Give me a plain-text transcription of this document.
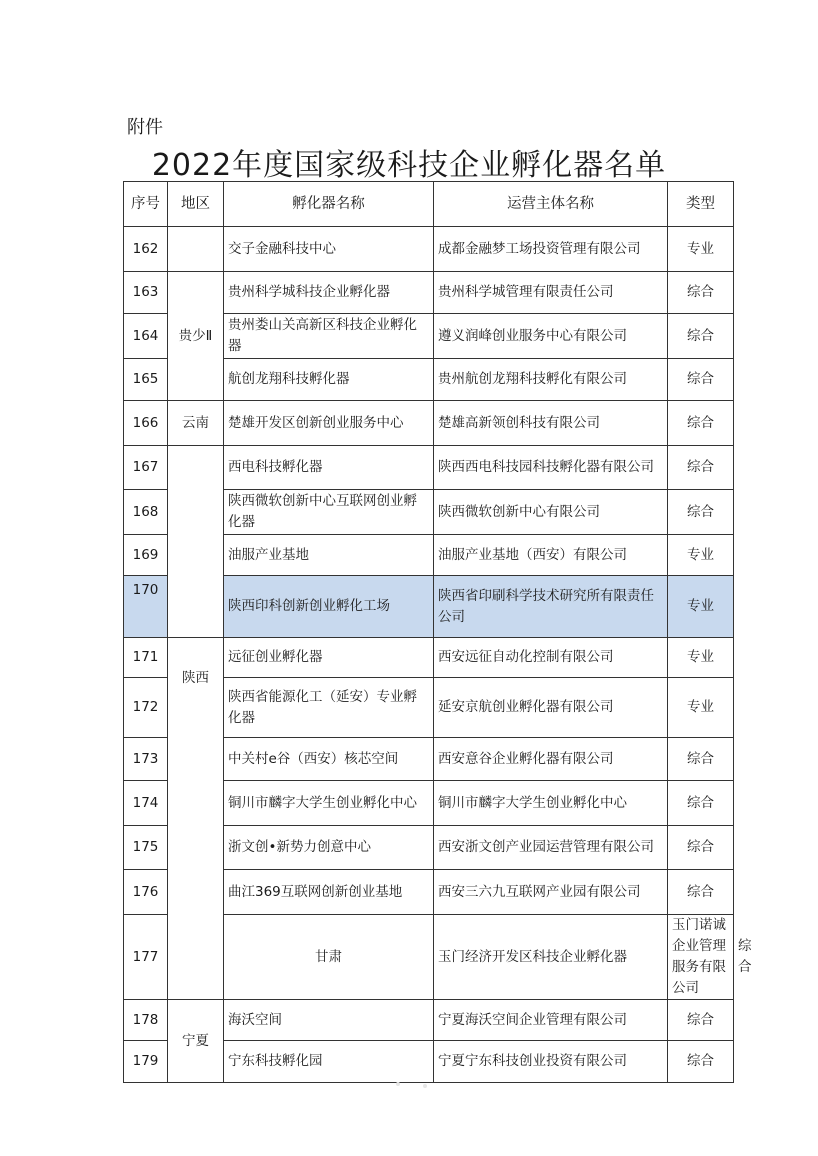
附件
2022年度国家级科技企业孵化器名单
序号	地区	孵化器名称	运营主体名称	类型	
162		交子金融科技中心	成都金融梦工场投资管理有限公司	专业	
163	贵少Ⅱ	贵州科学城科技企业孵化器	贵州科学城管理有限责任公司	综合	
164		贵州娄山关高新区科技企业孵化器	遵义润峰创业服务中心有限公司	综合	
165		航创龙翔科技孵化器	贵州航创龙翔科技孵化有限公司	综合	
166	云南	楚雄开发区创新创业服务中心	楚雄高新领创科技有限公司	综合	
167		西电科技孵化器	陕西西电科技园科技孵化器有限公司	综合	
168		陕西微软创新中心互联网创业孵化器	陕西微软创新中心有限公司	综合	
169		油服产业基地	油服产业基地（西安）有限公司	专业	
170		陕西印科创新创业孵化工场	陕西省印刷科学技术研究所有限责任公司	专业	
171	陕西	远征创业孵化器	西安远征自动化控制有限公司	专业	
172		陕西省能源化工（延安）专业孵化器	延安京航创业孵化器有限公司	专业	
173		中关村e谷（西安）核芯空间	西安意谷企业孵化器有限公司	综合	
174		铜川市麟字大学生创业孵化中心	铜川市麟字大学生创业孵化中心	综合	
175		浙文创•新势力创意中心	西安浙文创产业园运营管理有限公司	综合	
176		曲江369互联网创新创业基地	西安三六九互联网产业园有限公司	综合	
177		甘肃	玉门经济开发区科技企业孵化器	玉门诺诚企业管理服务有限公司	综合
178	宁夏	海沃空间	宁夏海沃空间企业管理有限公司	综合	
179		宁东科技孵化园	宁夏宁东科技创业投资有限公司	综合	
